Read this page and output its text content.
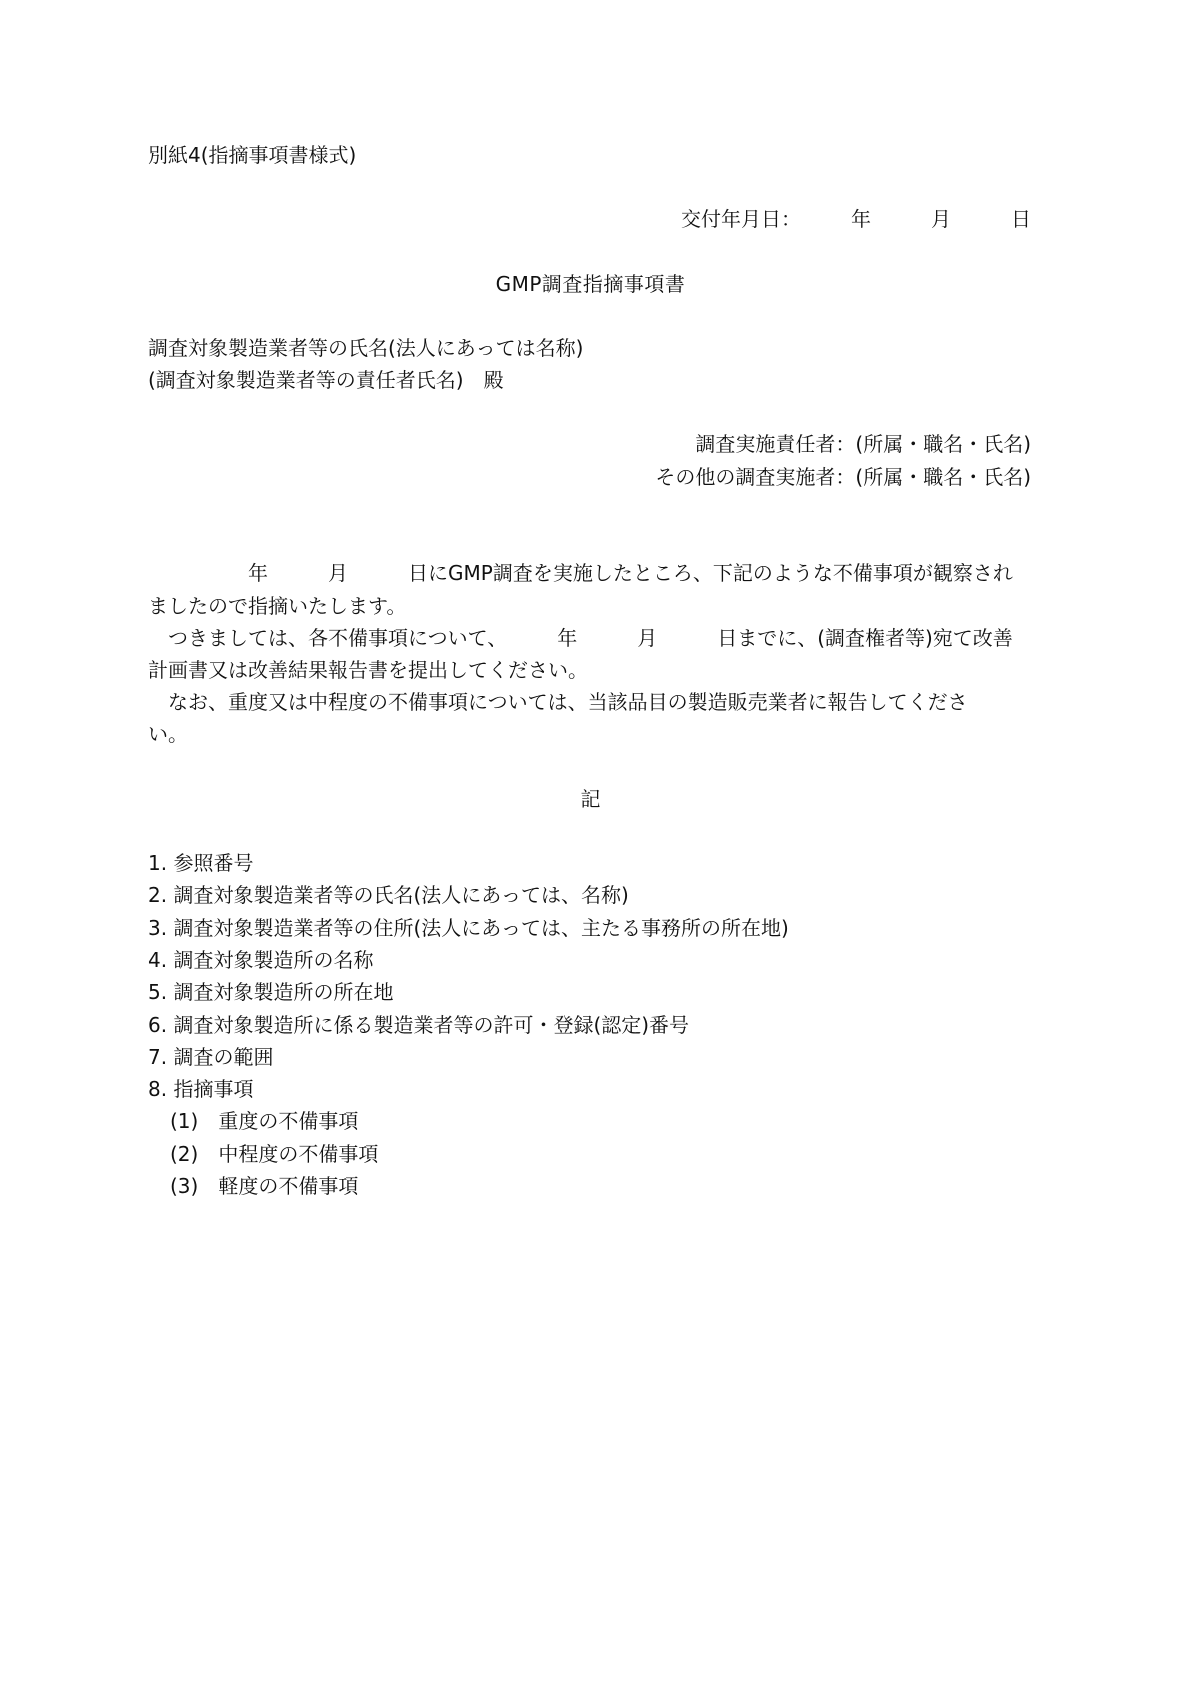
別紙4(指摘事項書様式)
交付年月日：　　　年　　　月　　　日
GMP調査指摘事項書
調査対象製造業者等の氏名(法人にあっては名称)
(調査対象製造業者等の責任者氏名)　殿
調査実施責任者：(所属・職名・氏名)
その他の調査実施者：(所属・職名・氏名)
　　　　　年　　　月　　　日にGMP調査を実施したところ、下記のような不備事項が観察され
ましたので指摘いたします。
　つきましては、各不備事項について、　　　年　　　月　　　日までに、(調査権者等)宛て改善
計画書又は改善結果報告書を提出してください。
　なお、重度又は中程度の不備事項については、当該品目の製造販売業者に報告してくださ
い。
記
1. 参照番号
2. 調査対象製造業者等の氏名(法人にあっては、名称)
3. 調査対象製造業者等の住所(法人にあっては、主たる事務所の所在地)
4. 調査対象製造所の名称
5. 調査対象製造所の所在地
6. 調査対象製造所に係る製造業者等の許可・登録(認定)番号
7. 調査の範囲
8. 指摘事項
(1)　重度の不備事項
(2)　中程度の不備事項
(3)　軽度の不備事項
